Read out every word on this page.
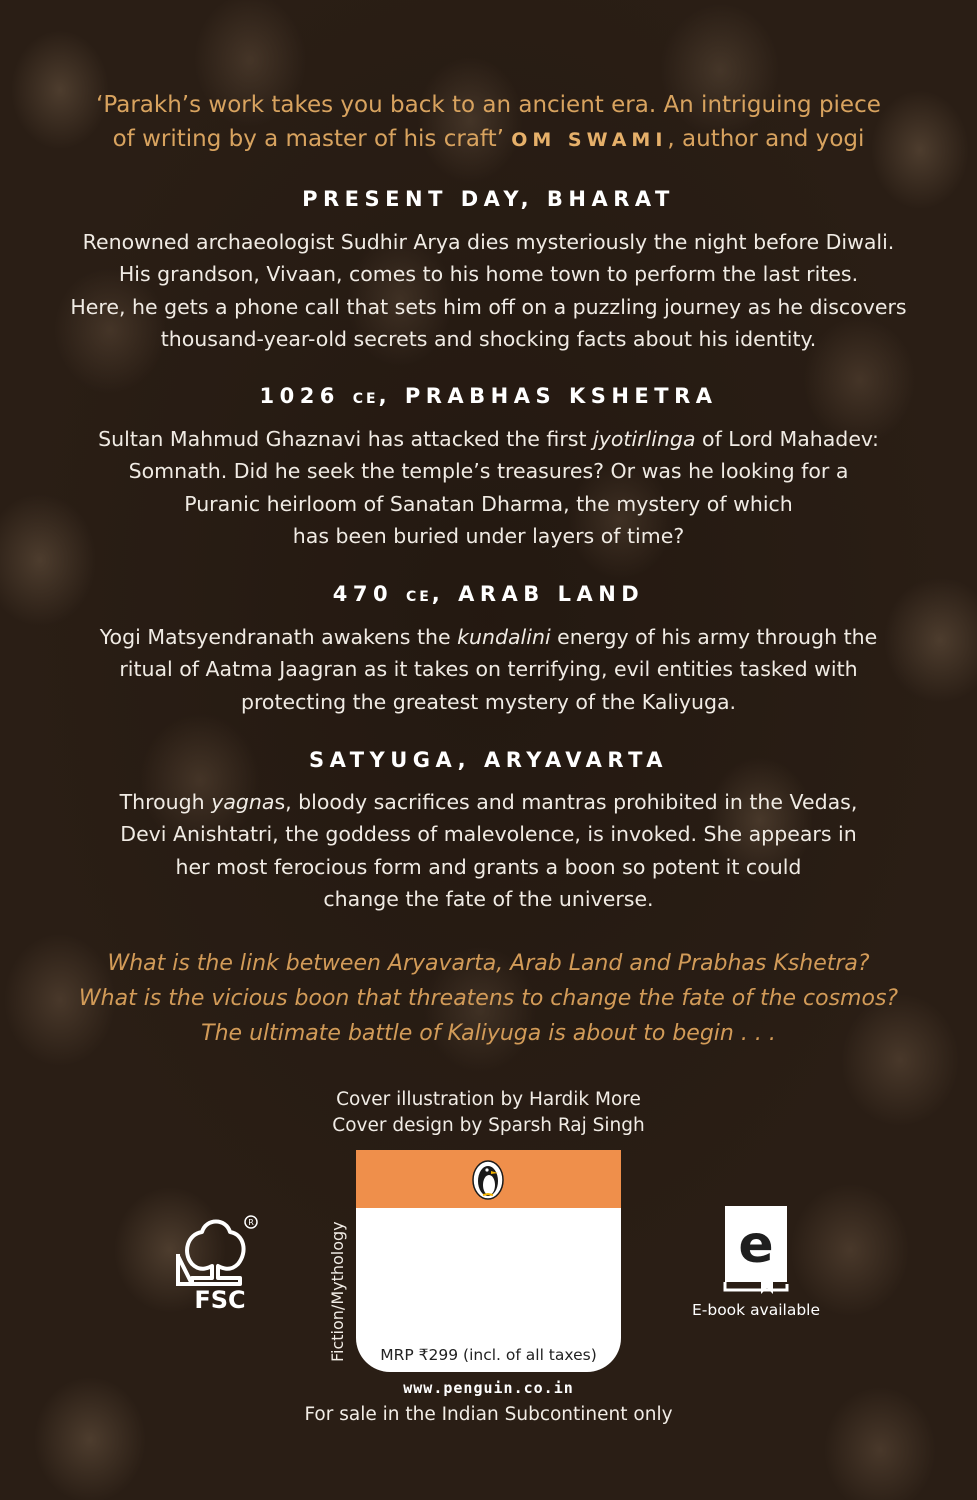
‘Parakh’s work takes you back to an ancient era. An intriguing piece
of writing by a master of his craft’ OM SWAMI, author and yogi
PRESENT DAY, BHARAT
Renowned archaeologist Sudhir Arya dies mysteriously the night before Diwali.
His grandson, Vivaan, comes to his home town to perform the last rites.
Here, he gets a phone call that sets him off on a puzzling journey as he discovers
thousand-year-old secrets and shocking facts about his identity.
1026 CE, PRABHAS KSHETRA
Sultan Mahmud Ghaznavi has attacked the first jyotirlinga of Lord Mahadev:
Somnath. Did he seek the temple’s treasures? Or was he looking for a
Puranic heirloom of Sanatan Dharma, the mystery of which
has been buried under layers of time?
470 CE, ARAB LAND
Yogi Matsyendranath awakens the kundalini energy of his army through the
ritual of Aatma Jaagran as it takes on terrifying, evil entities tasked with
protecting the greatest mystery of the Kaliyuga.
SATYUGA, ARYAVARTA
Through yagnas, bloody sacrifices and mantras prohibited in the Vedas,
Devi Anishtatri, the goddess of malevolence, is invoked. She appears in
her most ferocious form and grants a boon so potent it could
change the fate of the universe.
What is the link between Aryavarta, Arab Land and Prabhas Kshetra?
What is the vicious boon that threatens to change the fate of the cosmos?
The ultimate battle of Kaliyuga is about to begin . . .
Cover illustration by Hardik More
Cover design by Sparsh Raj Singh
R
FSC	Fiction/Mythology	MRP ₹299 (incl. of all taxes)
e
E-book available
www.penguin.co.in
For sale in the Indian Subcontinent only
